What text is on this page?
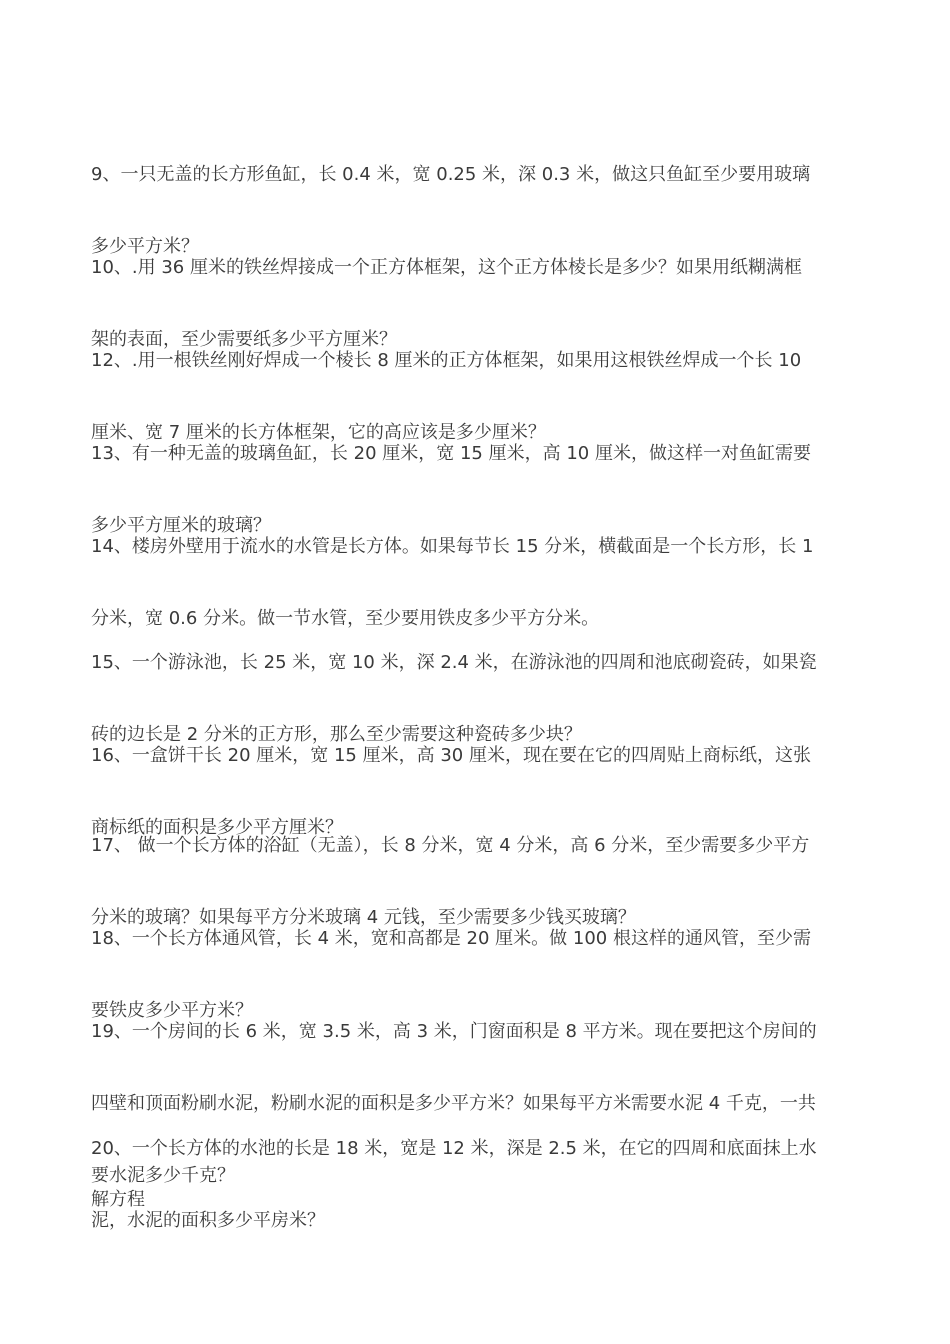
9、一只无盖的长方形鱼缸，长 0.4 米，宽 0.25 米，深 0.3 米，做这只鱼缸至少要用玻璃

多少平方米？

10、.用 36 厘米的铁丝焊接成一个正方体框架，这个正方体棱长是多少？如果用纸糊满框

架的表面，至少需要纸多少平方厘米？

12、.用一根铁丝刚好焊成一个棱长 8 厘米的正方体框架，如果用这根铁丝焊成一个长 10

厘米、宽 7 厘米的长方体框架，它的高应该是多少厘米？

13、有一种无盖的玻璃鱼缸，长 20 厘米，宽 15 厘米，高 10 厘米，做这样一对鱼缸需要

多少平方厘米的玻璃？

14、楼房外壁用于流水的水管是长方体。如果每节长 15 分米，横截面是一个长方形，长 1

分米，宽 0.6 分米。做一节水管，至少要用铁皮多少平方分米。

15、一个游泳池，长 25 米，宽 10 米，深 2.4 米，在游泳池的四周和池底砌瓷砖，如果瓷

砖的边长是 2 分米的正方形，那么至少需要这种瓷砖多少块？

16、一盒饼干长 20 厘米，宽 15 厘米，高 30 厘米，现在要在它的四周贴上商标纸，这张

商标纸的面积是多少平方厘米？

17、 做一个长方体的浴缸（无盖），长 8 分米，宽 4 分米，高 6 分米，至少需要多少平方

分米的玻璃？如果每平方分米玻璃 4 元钱，至少需要多少钱买玻璃？

18、一个长方体通风管，长 4 米，宽和高都是 20 厘米。做 100 根这样的通风管，至少需

要铁皮多少平方米？

19、一个房间的长 6 米，宽 3.5 米，高 3 米，门窗面积是 8 平方米。现在要把这个房间的

四壁和顶面粉刷水泥，粉刷水泥的面积是多少平方米？如果每平方米需要水泥 4 千克，一共

要水泥多少千克？

20、一个长方体的水池的长是 18 米，宽是 12 米，深是 2.5 米，在它的四周和底面抹上水

泥，水泥的面积多少平房米？

解方程
